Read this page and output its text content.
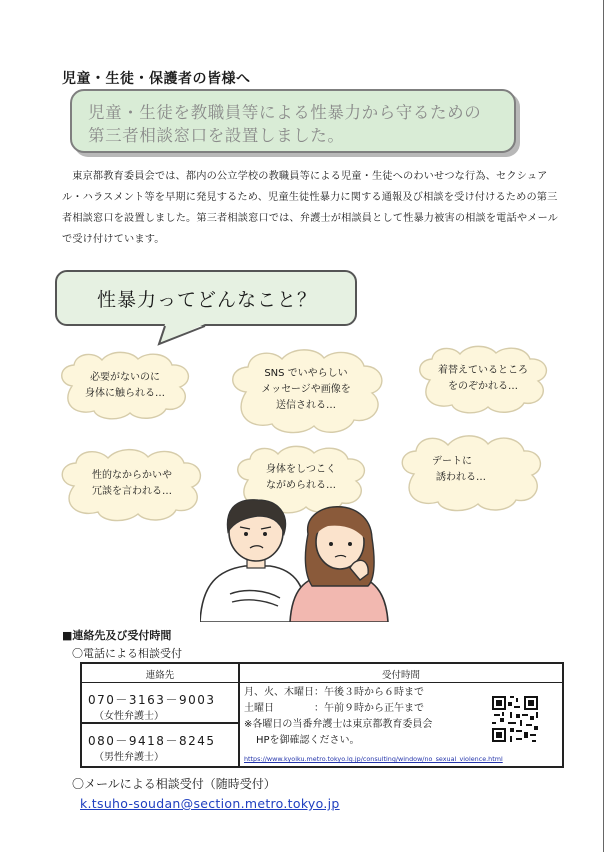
児童・生徒・保護者の皆様へ
児童・生徒を教職員等による性暴力から守るための
第三者相談窓口を設置しました。

東京都教育委員会では、都内の公立学校の教職員等による児童・生徒へのわいせつな行為、セクシュアル・ハラスメント等を早期に発見するため、児童生徒性暴力に関する通報及び相談を受け付けるための第三者相談窓口を設置しました。第三者相談窓口では、弁護士が相談員として性暴力被害の相談を電話やメールで受け付けています。

性暴力ってどんなこと？
必要がないのに
身体に触られる…
SNS でいやらしい
メッセージや画像を
送信される…
着替えているところ
をのぞかれる…
性的なからかいや
冗談を言われる…
身体をしつこく
ながめられる…
デートに
誘われる…
■連絡先及び受付時間
〇電話による相談受付
連絡先	受付時間
070－3163－9003
（女性弁護士）
080－9418－8245
（男性弁護士）
月、火、木曜日：午後３時から６時まで
土曜日　　　　：午前９時から正午まで
※各曜日の当番弁護士は東京都教育委員会
HPを御確認ください。
https://www.kyoiku.metro.tokyo.lg.jp/consulting/window/no_sexual_violence.html
〇メールによる相談受付（随時受付）
k.tsuho-soudan@section.metro.tokyo.jp
